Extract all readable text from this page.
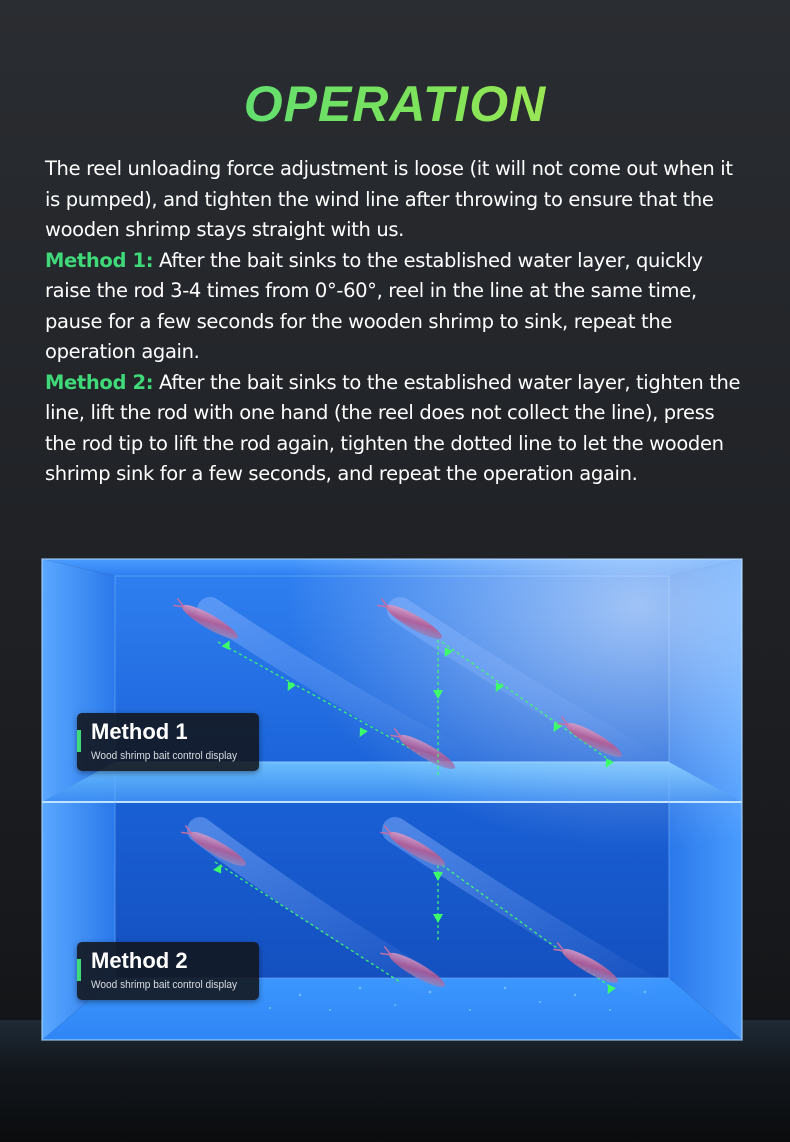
OPERATION

The reel unloading force adjustment is loose (it will not come out when it is pumped), and tighten the wind line after throwing to ensure that the wooden shrimp stays straight with us.

Method 1: After the bait sinks to the established water layer, quickly raise the rod 3-4 times from 0°-60°, reel in the line at the same time, pause for a few seconds for the wooden shrimp to sink, repeat the operation again.

Method 2: After the bait sinks to the established water layer, tighten the line, lift the rod with one hand (the reel does not collect the line), press the rod tip to lift the rod again, tighten the dotted line to let the wooden shrimp sink for a few seconds, and repeat the operation again.

Method 1
Wood shrimp bait control display
Method 2
Wood shrimp bait control display
